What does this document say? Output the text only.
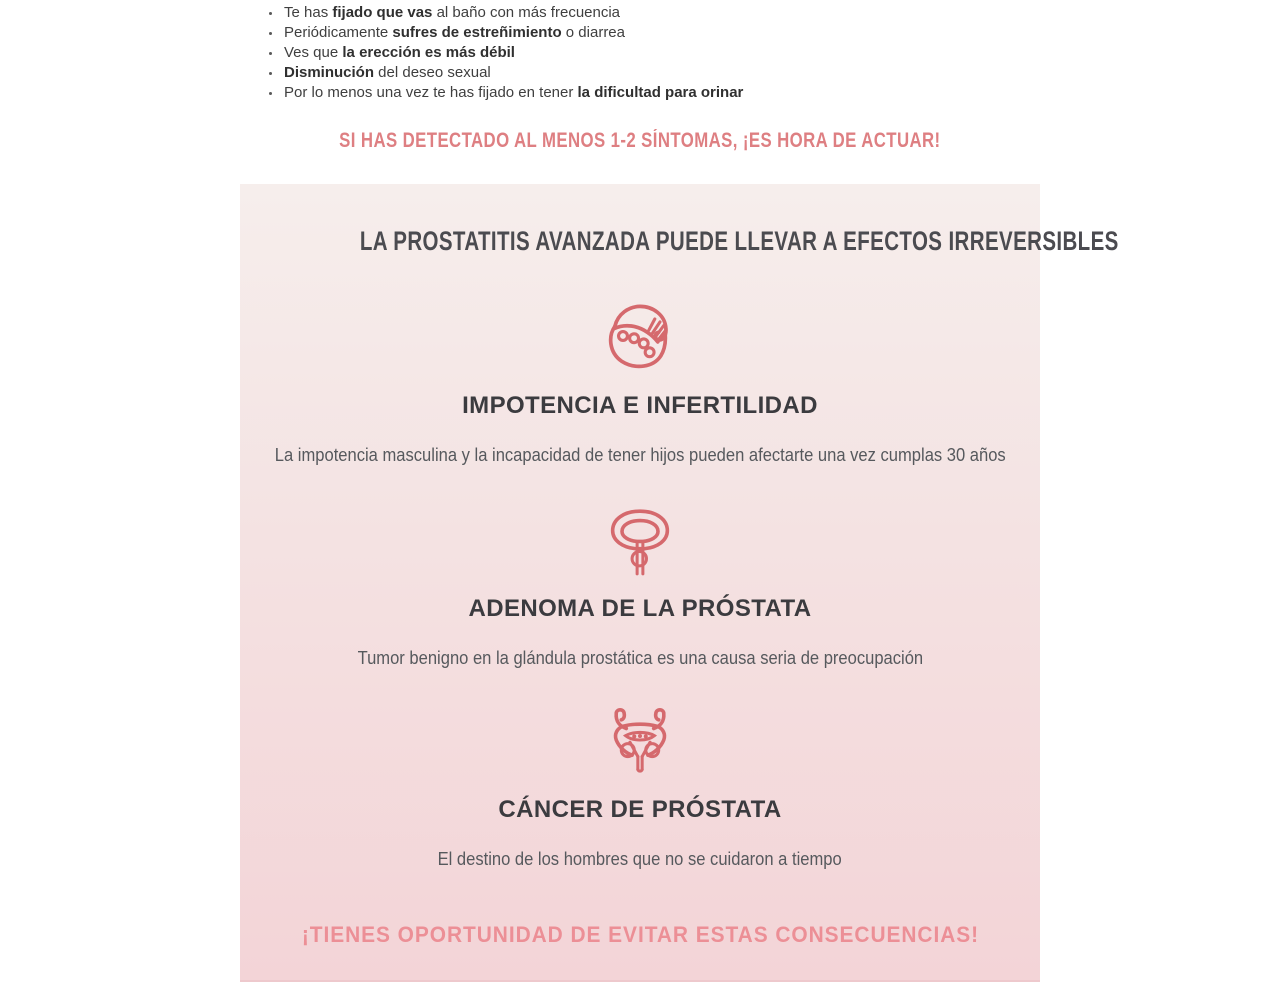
• Te has fijado que vas al baño con más frecuencia
• Periódicamente sufres de estreñimiento o diarrea
• Ves que la erección es más débil
• Disminución del deseo sexual
• Por lo menos una vez te has fijado en tener la dificultad para orinar
SI HAS DETECTADO AL MENOS 1-2 SÍNTOMAS, ¡ES HORA DE ACTUAR!
LA PROSTATITIS AVANZADA PUEDE LLEVAR A EFECTOS IRREVERSIBLES
IMPOTENCIA E INFERTILIDAD

La impotencia masculina y la incapacidad de tener hijos pueden afectarte una vez cumplas 30 años

ADENOMA DE LA PRÓSTATA

Tumor benigno en la glándula prostática es una causa seria de preocupación

CÁNCER DE PRÓSTATA

El destino de los hombres que no se cuidaron a tiempo

¡TIENES OPORTUNIDAD DE EVITAR ESTAS CONSECUENCIAS!
